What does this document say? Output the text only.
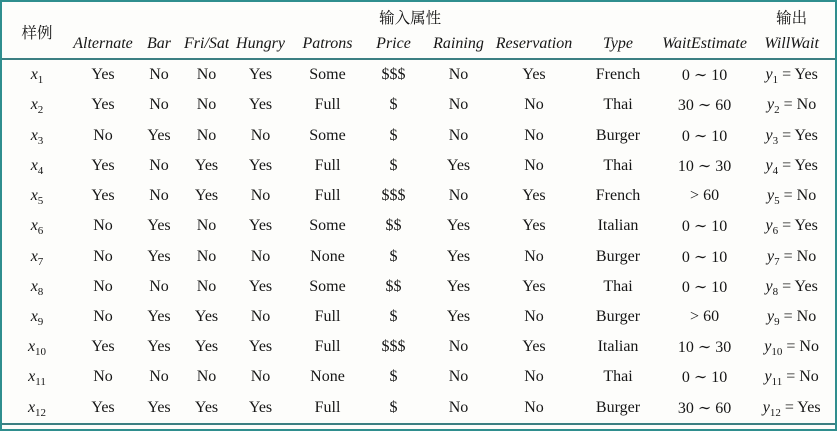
样例	输入属性										输出
	Alternate	Bar	Fri/Sat	Hungry	Patrons	Price	Raining	Reservation	Type	WaitEstimate	WillWait
$x_1$	Yes	No	No	Yes	Some	$$$	No	Yes	French	0 ∼ 10	$y_1$ = Yes
$x_2$	Yes	No	No	Yes	Full	$	No	No	Thai	30 ∼ 60	$y_2 = No$
$x_3$	No	Yes	No	No	Some	$	No	No	Burger	0 ∼ 10	$y_3$ = Yes
$x_4$	Yes	No	Yes	Yes	Full	$	Yes	No	Thai	10 ∼ 30	$y_4$ = Yes
$x_5$	Yes	No	Yes	No	Full	$$$	No	Yes	French	> 60	$y_5 = No$
$x_6$	No	Yes	No	Yes	Some	$$	Yes	Yes	Italian	0 ∼ 10	$y_6$ = Yes
$x_7$	No	Yes	No	No	None	$	Yes	No	Burger	0 ∼ 10	$y_7 = No$
$x_8$	No	No	No	Yes	Some	$$	Yes	Yes	Thai	0 ∼ 10	$y_8$ = Yes
$x_9$	No	Yes	Yes	No	Full	$	Yes	No	Burger	> 60	$y_9 = No$
$x_{10}$	Yes	Yes	Yes	Yes	Full	$$$	No	Yes	Italian	10 ∼ 30	$y_{10} = No$
$x_{11}$	No	No	No	No	None	$	No	No	Thai	0 ∼ 10	$y_{11} = No$
$x_{12}$	Yes	Yes	Yes	Yes	Full	$	No	No	Burger	30 ∼ 60	$y_{12}$ = Yes
